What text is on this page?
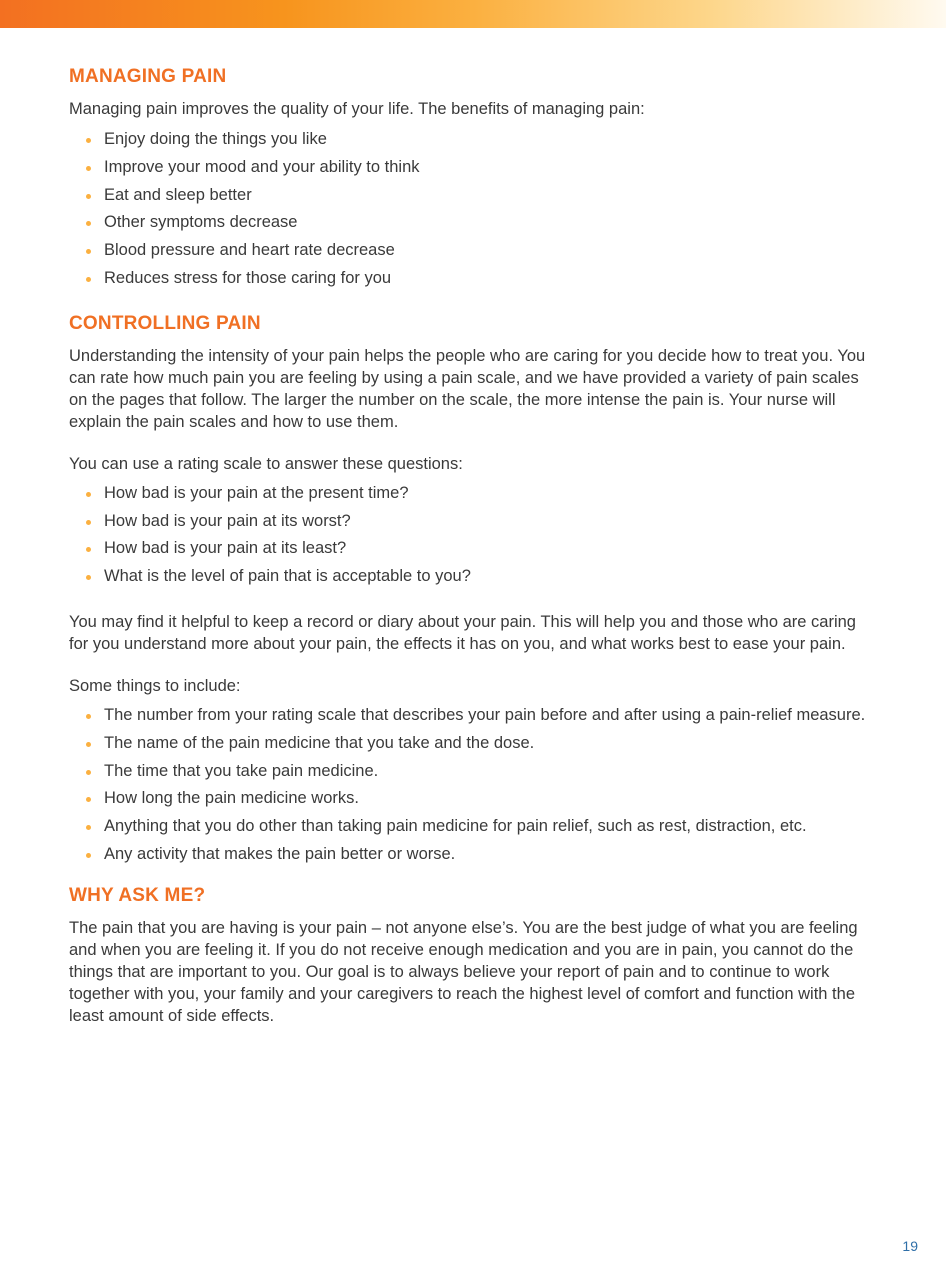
MANAGING PAIN

Managing pain improves the quality of your life. The benefits of managing pain:

Enjoy doing the things you like
Improve your mood and your ability to think
Eat and sleep better
Other symptoms decrease
Blood pressure and heart rate decrease
Reduces stress for those caring for you
CONTROLLING PAIN

Understanding the intensity of your pain helps the people who are caring for you decide how to treat you. You can rate how much pain you are feeling by using a pain scale, and we have provided a variety of pain scales on the pages that follow. The larger the number on the scale, the more intense the pain is. Your nurse will explain the pain scales and how to use them.

You can use a rating scale to answer these questions:

How bad is your pain at the present time?
How bad is your pain at its worst?
How bad is your pain at its least?
What is the level of pain that is acceptable to you?

You may find it helpful to keep a record or diary about your pain. This will help you and those who are caring for you understand more about your pain, the effects it has on you, and what works best to ease your pain.

Some things to include:

The number from your rating scale that describes your pain before and after using a pain-relief measure.
The name of the pain medicine that you take and the dose.
The time that you take pain medicine.
How long the pain medicine works.
Anything that you do other than taking pain medicine for pain relief, such as rest, distraction, etc.
Any activity that makes the pain better or worse.
WHY ASK ME?

The pain that you are having is your pain – not anyone else’s. You are the best judge of what you are feeling and when you are feeling it. If you do not receive enough medication and you are in pain, you cannot do the things that are important to you. Our goal is to always believe your report of pain and to continue to work together with you, your family and your caregivers to reach the highest level of comfort and function with the least amount of side effects.

19
